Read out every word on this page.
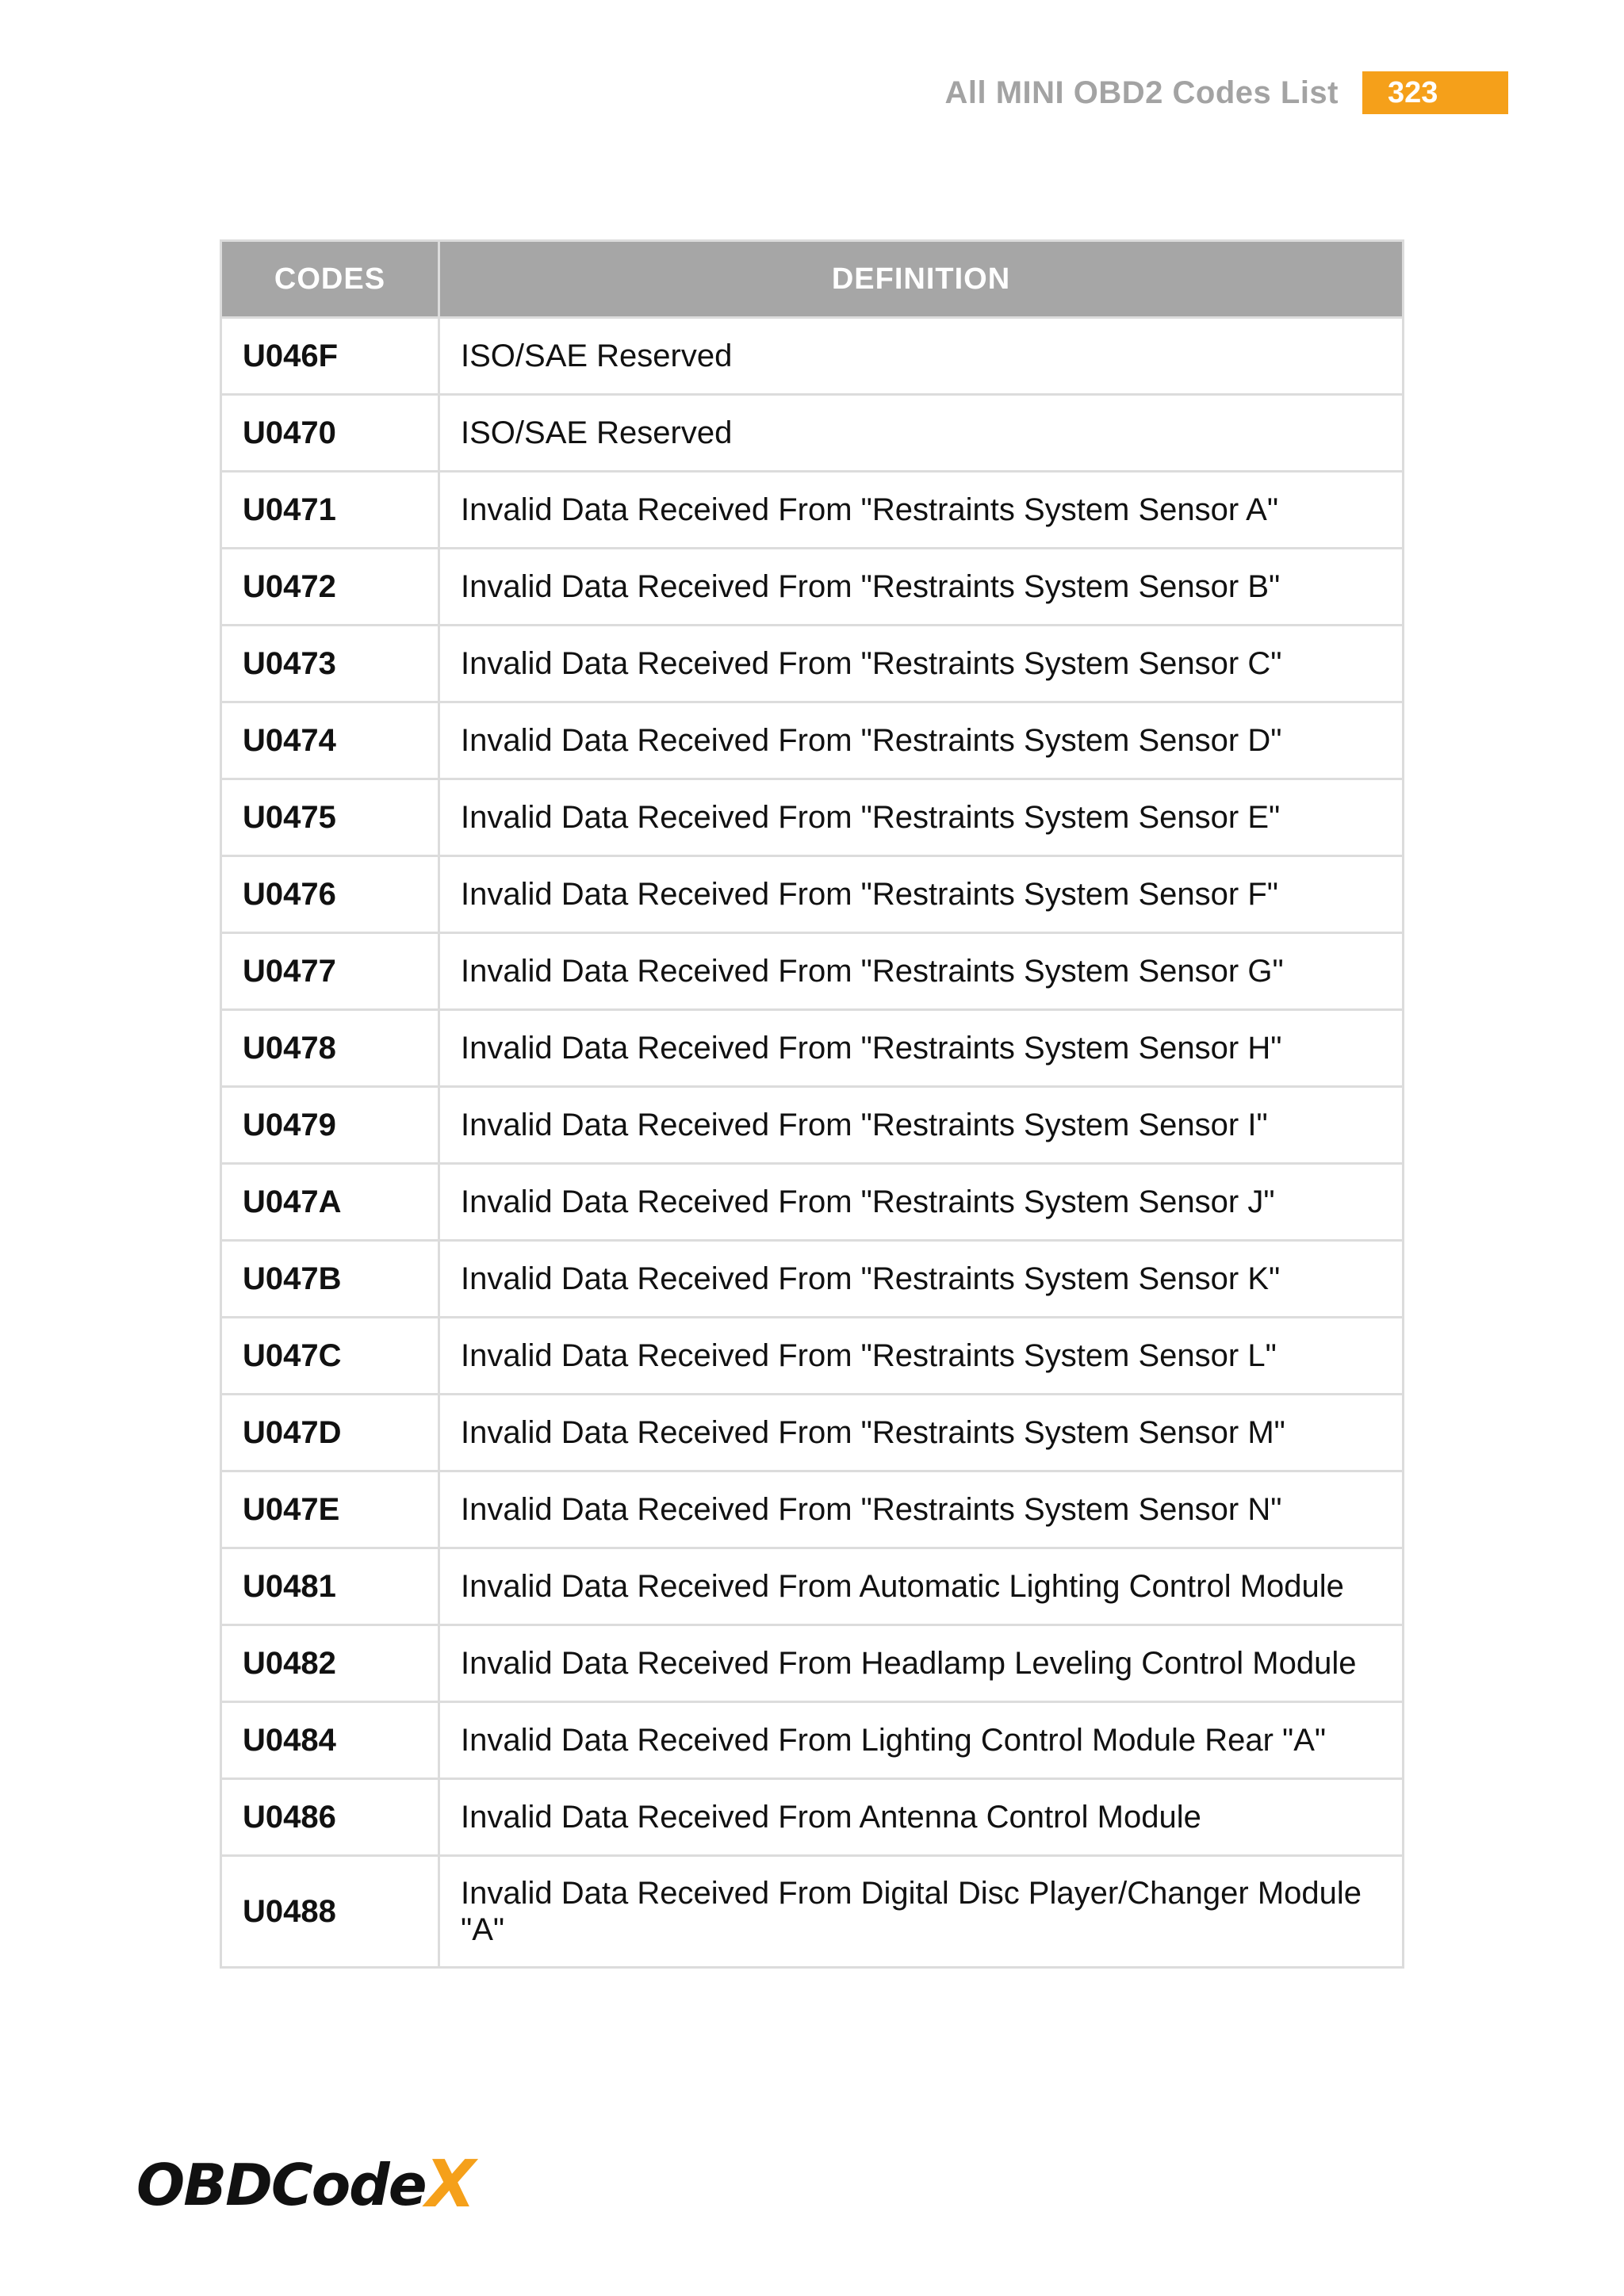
All MINI OBD2 Codes List	323
CODES	DEFINITION
U046F	ISO/SAE Reserved
U0470	ISO/SAE Reserved
U0471	Invalid Data Received From "Restraints System Sensor A"
U0472	Invalid Data Received From "Restraints System Sensor B"
U0473	Invalid Data Received From "Restraints System Sensor C"
U0474	Invalid Data Received From "Restraints System Sensor D"
U0475	Invalid Data Received From "Restraints System Sensor E"
U0476	Invalid Data Received From "Restraints System Sensor F"
U0477	Invalid Data Received From "Restraints System Sensor G"
U0478	Invalid Data Received From "Restraints System Sensor H"
U0479	Invalid Data Received From "Restraints System Sensor I"
U047A	Invalid Data Received From "Restraints System Sensor J"
U047B	Invalid Data Received From "Restraints System Sensor K"
U047C	Invalid Data Received From "Restraints System Sensor L"
U047D	Invalid Data Received From "Restraints System Sensor M"
U047E	Invalid Data Received From "Restraints System Sensor N"
U0481	Invalid Data Received From Automatic Lighting Control Module
U0482	Invalid Data Received From Headlamp Leveling Control Module
U0484	Invalid Data Received From Lighting Control Module Rear "A"
U0486	Invalid Data Received From Antenna Control Module
U0488	Invalid Data Received From Digital Disc Player/Changer Module "A"
OBDCode X
